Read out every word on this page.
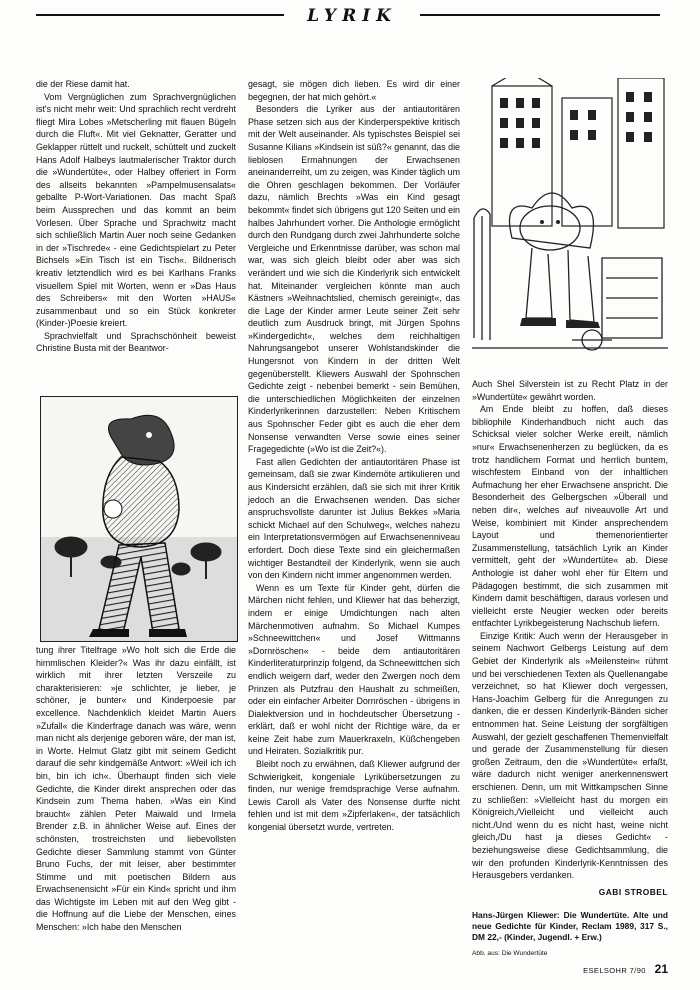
LYRIK

die der Riese damit hat.

Vom Vergnüglichen zum Sprachvergnüglichen ist's nicht mehr weit: Und sprachlich recht verdreht fliegt Mira Lobes »Metscherling mit flauen Bügeln durch die Fluft«. Mit viel Geknatter, Geratter und Geklapper rüttelt und ruckelt, schüttelt und zuckelt Hans Adolf Halbeys lautmalerischer Traktor durch die »Wundertüte«, oder Halbey offeriert in Form des allseits bekannten »Pampelmusensalats« geballte P-Wort-Variationen. Das macht Spaß beim Aussprechen und das kommt an beim Vorlesen. Über Sprache und Sprachwitz macht sich schließlich Martin Auer noch seine Gedanken in der »Tischrede« - eine Gedichtspielart zu Peter Bichsels »Ein Tisch ist ein Tisch«. Bildnerisch kreativ letztendlich wird es bei Karlhans Franks visuellem Spiel mit Worten, wenn er »Das Haus des Schreibers« mit den Worten »HAUS« zusammenbaut und so ein Stück konkreter (Kinder-)Poesie kreiert.

Sprachvielfalt und Sprachschönheit beweist Christine Busta mit der Beantwor-

tung ihrer Titelfrage »Wo holt sich die Erde die himmlischen Kleider?« Was ihr dazu einfällt, ist wirklich mit ihrer letzten Verszeile zu charakterisieren: »je schlichter, je lieber, je schöner, je bunter« und Kinderpoesie par excellence. Nachdenklich kleidet Martin Auers »Zufall« die Kinderfrage danach was wäre, wenn man nicht als derjenige geboren wäre, der man ist, in Worte. Helmut Glatz gibt mit seinem Gedicht darauf die sehr kindgemäße Antwort: »Weil ich ich bin, bin ich ich«. Überhaupt finden sich viele Gedichte, die Kinder direkt ansprechen oder das Kindsein zum Thema haben. »Was ein Kind braucht« zählen Peter Maiwald und Irmela Brender z.B. in ähnlicher Weise auf. Eines der schönsten, trostreichsten und liebevollsten Gedichte dieser Sammlung stammt von Günter Bruno Fuchs, der mit leiser, aber bestimmter Stimme und mit poetischen Bildern aus Erwachsenensicht »Für ein Kind« spricht und ihm das Wichtigste im Leben mit auf den Weg gibt - die Hoffnung auf die Liebe der Menschen, eines Menschen: »Ich habe den Menschen

gesagt, sie mögen dich lieben. Es wird dir einer begegnen, der hat mich gehört.«

Besonders die Lyriker aus der antiautoritären Phase setzen sich aus der Kinderperspektive kritisch mit der Welt auseinander. Als typischstes Beispiel sei Susanne Kilians »Kindsein ist süß?« genannt, das die lieblosen Ermahnungen der Erwachsenen aneinanderreiht, um zu zeigen, was Kinder täglich um die Ohren geschlagen bekommen. Der Vorläufer dazu, nämlich Brechts »Was ein Kind gesagt bekommt« findet sich übrigens gut 120 Seiten und ein halbes Jahrhundert vorher. Die Anthologie ermöglicht durch den Rundgang durch zwei Jahrhunderte solche Vergleiche und Erkenntnisse darüber, was schon mal war, was sich gleich bleibt oder aber was sich verändert und wie sich die Kinderlyrik sich entwickelt hat. Miteinander vergleichen könnte man auch Kästners »Weihnachtslied, chemisch gereinigt«, das die Lage der Kinder armer Leute seiner Zeit sehr deutlich zum Ausdruck bringt, mit Jürgen Spohns »Kindergedicht«, welches dem reichhaltigen Nahrungsangebot unserer Wohlstandskinder die Hungersnot von Kindern in der dritten Welt gegenüberstellt. Kliewers Auswahl der Spohnschen Gedichte zeigt - nebenbei bemerkt - sein Bemühen, die unterschiedlichen Möglichkeiten der einzelnen Kinderlyrikerinnen darzustellen: Neben Kritischem aus Spohnscher Feder gibt es auch die eher dem Nonsense verwandten Verse sowie eines seiner Fragegedichte (»Wo ist die Zeit?«).

Fast allen Gedichten der antiautoritären Phase ist gemeinsam, daß sie zwar Kindernöte artikulieren und aus Kindersicht erzählen, daß sie sich mit ihrer Kritik jedoch an die Erwachsenen wenden. Das sicher anspruchsvollste darunter ist Julius Bekkes »Maria schickt Michael auf den Schulweg«, welches nahezu ein Interpretationsvermögen auf Erwachsenenniveau erfordert. Doch diese Texte sind ein gleichermaßen wichtiger Bestandteil der Kinderlyrik, wenn sie auch von den Kindern nicht immer angenommen werden.

Wenn es um Texte für Kinder geht, dürfen die Märchen nicht fehlen, und Kliewer hat das beherzigt, indem er einige Umdichtungen nach alten Märchenmotiven aufnahm. So Michael Kumpes »Schneewittchen« und Josef Wittmanns »Dornröschen« - beide dem antiautoritären Kinderliteraturprinzip folgend, da Schneewittchen sich endlich weigern darf, weder den Zwergen noch dem Prinzen als Putzfrau den Haushalt zu schmeißen, oder ein einfacher Arbeiter Dornröschen - übrigens in Dialektversion und in hochdeutscher Übersetzung - erklärt, daß er wohl nicht der Richtige wäre, da er keine Zeit habe zum Mauerkraxeln, Küßchengeben und Heiraten. Sozialkritik pur.

Bleibt noch zu erwähnen, daß Kliewer aufgrund der Schwierigkeit, kongeniale Lyrikübersetzungen zu finden, nur wenige fremdsprachige Verse aufnahm. Lewis Caroll als Vater des Nonsense durfte nicht fehlen und ist mit dem »Zipferlaken«, der tatsächlich kongenial übersetzt wurde, vertreten.

Auch Shel Silverstein ist zu Recht Platz in der »Wundertüte« gewährt worden.

Am Ende bleibt zu hoffen, daß dieses bibliophile Kinderhandbuch nicht auch das Schicksal vieler solcher Werke ereilt, nämlich »nur« Erwachsenenherzen zu beglücken, da es trotz handlichem Format und herrlich buntem, wischfestem Einband von der inhaltlichen Aufmachung her eher Erwachsene anspricht. Die Besonderheit des Gelbergschen »Überall und neben dir«, welches auf niveauvolle Art und Weise, kombiniert mit Kinder ansprechendem Layout und themenorientierter Zusammenstellung, tatsächlich Lyrik an Kinder vermittelt, geht der »Wundertüte« ab. Diese Anthologie ist daher wohl eher für Eltern und Pädagogen bestimmt, die sich zusammen mit Kindern damit beschäftigen, daraus vorlesen und vielleicht erste Neugier wecken oder bereits entfachter Lyrikbegeisterung Nachschub liefern.

Einzige Kritik: Auch wenn der Herausgeber in seinem Nachwort Gelbergs Leistung auf dem Gebiet der Kinderlyrik als »Meilenstein« rühmt und bei verschiedenen Texten als Quellenangabe verzeichnet, so hat Kliewer doch vergessen, Hans-Joachim Gelberg für die Anregungen zu danken, die er dessen Kinderlyrik-Bänden sicher entnommen hat. Seine Leistung der sorgfältigen Auswahl, der gezielt geschaffenen Themenvielfalt und gerade der Zusammenstellung für diesen großen Zeitraum, den die »Wundertüte« erfaßt, wäre dadurch nicht weniger anerkennenswert erschienen. Denn, um mit Wittkampschen Sinne zu schließen: »Vielleicht hast du morgen ein Königreich,/Vielleicht und vielleicht auch nicht./Und wenn du es nicht hast, weine nicht gleich,/Du hast ja dieses Gedicht« - beziehungsweise diese Gedichtsammlung, die wir den profunden Kinderlyrik-Kenntnissen des Herausgebers verdanken.

GABI STROBEL
Hans-Jürgen Kliewer: Die Wundertüte. Alte und neue Gedichte für Kinder, Reclam 1989, 317 S., DM 22,- (Kinder, Jugendl. + Erw.)
Abb. aus: Die Wundertüte
ESELSOHR 7/90 21
